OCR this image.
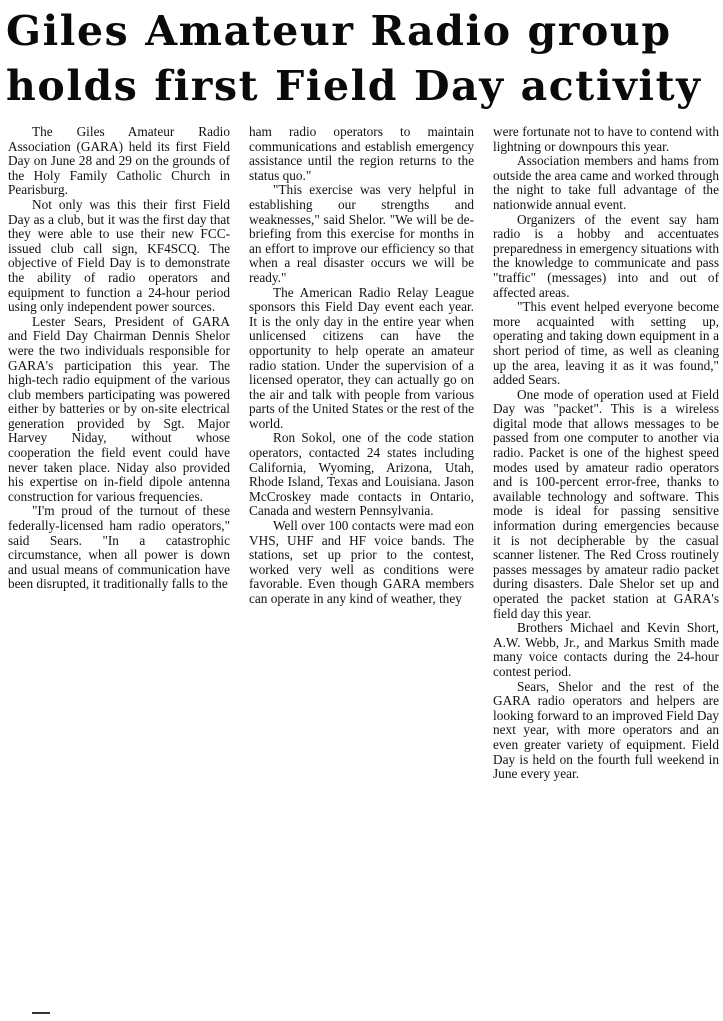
Giles Amateur Radio group
holds first Field Day activity

The Giles Amateur Radio Association (GARA) held its first Field Day on June 28 and 29 on the grounds of the Holy Family Catholic Church in Pearisburg.

Not only was this their first Field Day as a club, but it was the first day that they were able to use their new FCC-issued club call sign, KF4SCQ. The objective of Field Day is to demonstrate the ability of radio operators and equipment to function a 24-hour period using only independent power sources.

Lester Sears, President of GARA and Field Day Chairman Dennis Shelor were the two individuals responsible for GARA's participation this year. The high-tech radio equipment of the various club members participating was powered either by batteries or by on-site electrical generation provided by Sgt. Major Harvey Niday, without whose cooperation the field event could have never taken place. Niday also provided his expertise on in-field dipole antenna construction for various frequencies.

"I'm proud of the turnout of these federally-licensed ham radio operators," said Sears. "In a catastrophic circumstance, when all power is down and usual means of communication have been disrupted, it traditionally falls to the

ham radio operators to maintain communications and establish emergency assistance until the region returns to the status quo."

"This exercise was very helpful in establishing our strengths and weaknesses," said Shelor. "We will be de-briefing from this exercise for months in an effort to improve our efficiency so that when a real disaster occurs we will be ready."

The American Radio Relay League sponsors this Field Day event each year. It is the only day in the entire year when unlicensed citizens can have the opportunity to help operate an amateur radio station. Under the supervision of a licensed operator, they can actually go on the air and talk with people from various parts of the United States or the rest of the world.

Ron Sokol, one of the code station operators, contacted 24 states including California, Wyoming, Arizona, Utah, Rhode Island, Texas and Louisiana. Jason McCroskey made contacts in Ontario, Canada and western Pennsylvania.

Well over 100 contacts were mad eon VHS, UHF and HF voice bands. The stations, set up prior to the contest, worked very well as conditions were favorable. Even though GARA members can operate in any kind of weather, they

were fortunate not to have to contend with lightning or downpours this year.

Association members and hams from outside the area came and worked through the night to take full advantage of the nationwide annual event.

Organizers of the event say ham radio is a hobby and accentuates preparedness in emergency situations with the knowledge to communicate and pass "traffic" (messages) into and out of affected areas.

"This event helped everyone become more acquainted with setting up, operating and taking down equipment in a short period of time, as well as cleaning up the area, leaving it as it was found," added Sears.

One mode of operation used at Field Day was "packet". This is a wireless digital mode that allows messages to be passed from one computer to another via radio. Packet is one of the highest speed modes used by amateur radio operators and is 100-percent error-free, thanks to available technology and software. This mode is ideal for passing sensitive information during emergencies because it is not decipherable by the casual scanner listener. The Red Cross routinely passes messages by amateur radio packet during disasters. Dale Shelor set up and operated the packet station at GARA's field day this year.

Brothers Michael and Kevin Short, A.W. Webb, Jr., and Markus Smith made many voice contacts during the 24-hour contest period.

Sears, Shelor and the rest of the GARA radio operators and helpers are looking forward to an improved Field Day next year, with more operators and an even greater variety of equipment. Field Day is held on the fourth full weekend in June every year.
